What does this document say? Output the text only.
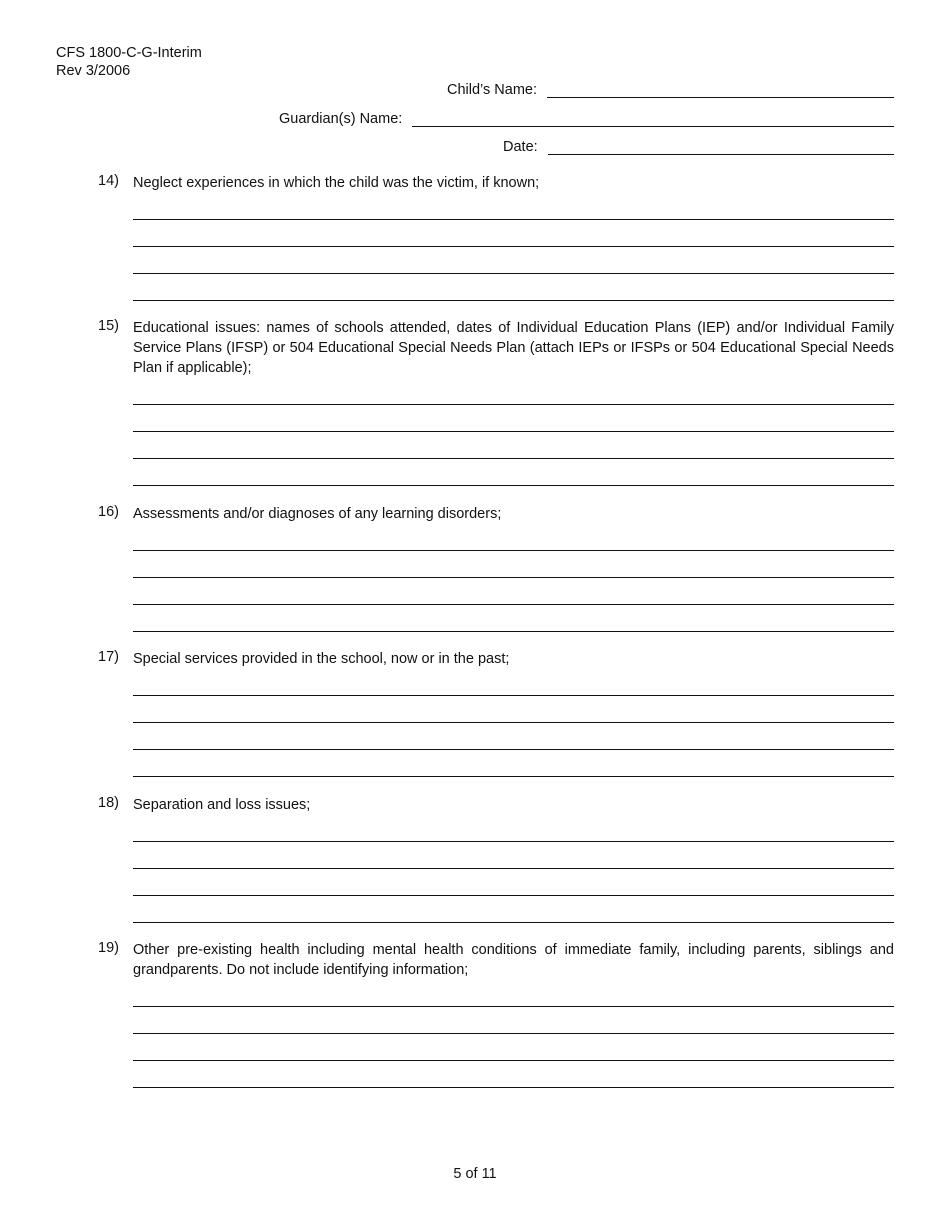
CFS 1800-C-G-Interim
Rev 3/2006
Child’s Name:
Guardian(s) Name:
Date:
14) Neglect experiences in which the child was the victim, if known;
15) Educational issues: names of schools attended, dates of Individual Education Plans (IEP) and/or Individual Family Service Plans (IFSP) or 504 Educational Special Needs Plan (attach IEPs or IFSPs or 504 Educational Special Needs Plan if applicable);
16) Assessments and/or diagnoses of any learning disorders;
17) Special services provided in the school, now or in the past;
18) Separation and loss issues;
19) Other pre-existing health including mental health conditions of immediate family, including parents, siblings and grandparents. Do not include identifying information;
5 of 11
